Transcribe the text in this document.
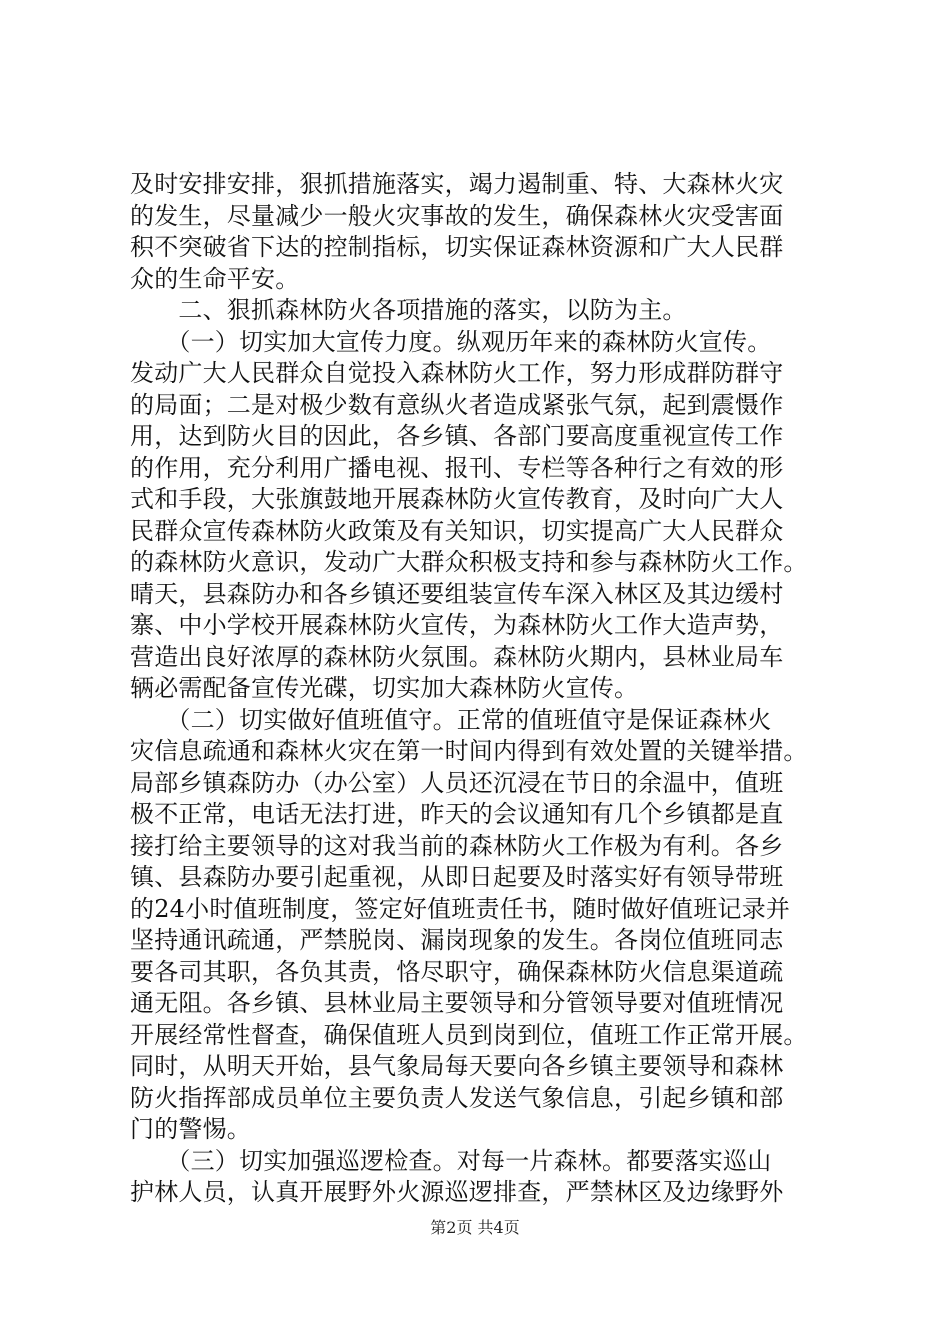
及时安排安排，狠抓措施落实，竭力遏制重、特、大森林火灾
的发生，尽量减少一般火灾事故的发生，确保森林火灾受害面
积不突破省下达的控制指标，切实保证森林资源和广大人民群
众的生命平安。
　　二、狠抓森林防火各项措施的落实，以防为主。
　　（一）切实加大宣传力度。纵观历年来的森林防火宣传。
发动广大人民群众自觉投入森林防火工作，努力形成群防群守
的局面；二是对极少数有意纵火者造成紧张气氛，起到震慑作
用，达到防火目的因此，各乡镇、各部门要高度重视宣传工作
的作用，充分利用广播电视、报刊、专栏等各种行之有效的形
式和手段，大张旗鼓地开展森林防火宣传教育，及时向广大人
民群众宣传森林防火政策及有关知识，切实提高广大人民群众
的森林防火意识，发动广大群众积极支持和参与森林防火工作。
晴天，县森防办和各乡镇还要组装宣传车深入林区及其边缓村
寨、中小学校开展森林防火宣传，为森林防火工作大造声势，
营造出良好浓厚的森林防火氛围。森林防火期内，县林业局车
辆必需配备宣传光碟，切实加大森林防火宣传。
　　（二）切实做好值班值守。正常的值班值守是保证森林火
灾信息疏通和森林火灾在第一时间内得到有效处置的关键举措。
局部乡镇森防办（办公室）人员还沉浸在节日的余温中，值班
极不正常，电话无法打进，昨天的会议通知有几个乡镇都是直
接打给主要领导的这对我当前的森林防火工作极为有利。各乡
镇、县森防办要引起重视，从即日起要及时落实好有领导带班
的24小时值班制度，签定好值班责任书，随时做好值班记录并
坚持通讯疏通，严禁脱岗、漏岗现象的发生。各岗位值班同志
要各司其职，各负其责，恪尽职守，确保森林防火信息渠道疏
通无阻。各乡镇、县林业局主要领导和分管领导要对值班情况
开展经常性督查，确保值班人员到岗到位，值班工作正常开展。
同时，从明天开始，县气象局每天要向各乡镇主要领导和森林
防火指挥部成员单位主要负责人发送气象信息，引起乡镇和部
门的警惕。
　　（三）切实加强巡逻检查。对每一片森林。都要落实巡山
护林人员，认真开展野外火源巡逻排查，严禁林区及边缘野外
第2页 共4页
